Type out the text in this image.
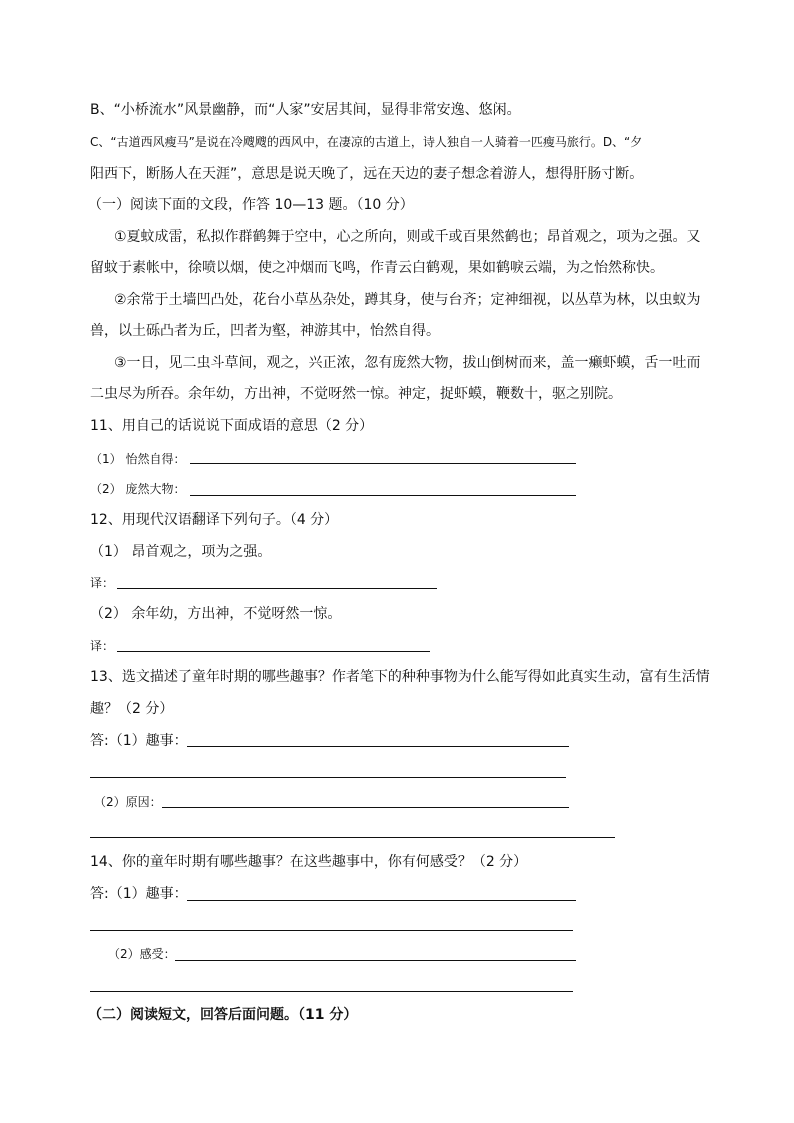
B、“小桥流水”风景幽静，而“人家”安居其间，显得非常安逸、悠闲。
C、“古道西风瘦马”是说在冷飕飕的西风中，在凄凉的古道上，诗人独自一人骑着一匹瘦马旅行。D、“夕
阳西下，断肠人在天涯”，意思是说天晚了，远在天边的妻子想念着游人，想得肝肠寸断。
（一）阅读下面的文段，作答 10—13 题。（10 分）
①夏蚊成雷，私拟作群鹤舞于空中，心之所向，则或千或百果然鹤也；昂首观之，项为之强。又
留蚊于素帐中，徐喷以烟，使之冲烟而飞鸣，作青云白鹤观，果如鹤唳云端，为之怡然称快。
②余常于土墙凹凸处，花台小草丛杂处，蹲其身，使与台齐；定神细视，以丛草为林，以虫蚁为
兽，以土砾凸者为丘，凹者为壑，神游其中，怡然自得。
③一日，见二虫斗草间，观之，兴正浓，忽有庞然大物，拔山倒树而来，盖一癞虾蟆，舌一吐而
二虫尽为所吞。余年幼，方出神，不觉呀然一惊。神定，捉虾蟆，鞭数十，驱之别院。
11、用自己的话说说下面成语的意思（2 分）
（1） 怡然自得：
（2） 庞然大物：
12、用现代汉语翻译下列句子。（4 分）
（1） 昂首观之，项为之强。
译：
（2） 余年幼，方出神，不觉呀然一惊。
译：
13、选文描述了童年时期的哪些趣事？作者笔下的种种事物为什么能写得如此真实生动，富有生活情
趣？（2 分）
答:（1）趣事：
（2）原因：
14、你的童年时期有哪些趣事？在这些趣事中，你有何感受？（2 分）
答:（1）趣事：
（2）感受：
（二）阅读短文，回答后面问题。（11 分）
